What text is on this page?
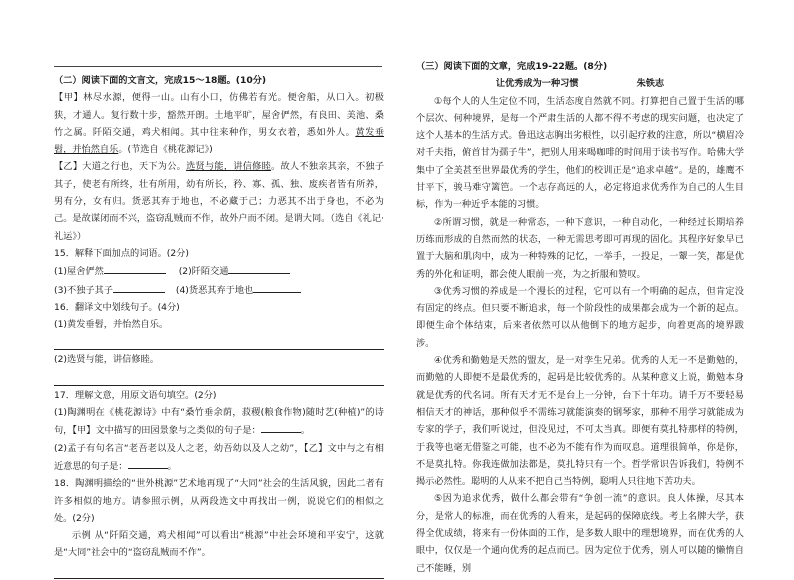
（二）阅读下面的文言文，完成15～18题。(10分)

【甲】林尽水源，便得一山。山有小口，仿佛若有光。便舍船，从口入。初极狭，才通人。复行数十步，豁然开朗。土地平旷，屋舍俨然，有良田、美池、桑竹之属。阡陌交通，鸡犬相闻。其中往来种作，男女衣着，悉如外人。黄发垂髫，并怡然自乐。(节选自《桃花源记》)

【乙】大道之行也，天下为公。选贤与能，讲信修睦。故人不独亲其亲，不独子其子，使老有所终，壮有所用，幼有所长，矜、寡、孤、独、废疾者皆有所养，男有分，女有归。货恶其弃于地也，不必藏于己；力恶其不出于身也，不必为己。是故谋闭而不兴，盗窃乱贼而不作，故外户而不闭。是谓大同。（选自《礼记·礼运》）

15．解释下面加点的词语。(2分)

(1)屋舍俨然	(2)阡陌交通

(3)不独子其子	(4)货恶其弃于地也

16．翻译文中划线句子。(4分)

(1)黄发垂髫，并怡然自乐。

(2)选贤与能，讲信修睦。

17．理解文意，用原文语句填空。(2分)

(1)陶渊明在《桃花源诗》中有“桑竹垂余荫，菽稷(粮食作物)随时艺(种植)”的诗句，【甲】文中描写的田园景象与之类似的句子是：	。

(2)孟子有句名言“老吾老以及人之老，幼吾幼以及人之幼”，【乙】文中与之有相近意思的句子是：	。

18．陶渊明描绘的“世外桃源”艺术地再现了“大同”社会的生活风貌，因此二者有许多相似的地方。请参照示例，从两段选文中再找出一例，说说它们的相似之处。(2分)

示例 从“阡陌交通，鸡犬相闻”可以看出“桃源”中社会环境和平安宁，这就是“大同”社会中的“盗窃乱贼而不作”。

（三）阅读下面的文章，完成19-22题。(8分)

让优秀成为一种习惯	朱铁志

①每个人的人生定位不同，生活态度自然就不同。打算把自己置于生活的哪个层次、何种境界，是每一个严肃生活的人都不得不考虑的现实问题，也决定了这个人基本的生活方式。鲁迅这志胸出劣根性，以引起疗救的注意，所以“横眉冷对千夫指，俯首甘为孺子牛”，把别人用来喝咖啡的时间用于读书写作。哈佛大学集中了全美甚至世界最优秀的学生，他们的校训正是“追求卓越”。是的，雄鹰不甘平下，骏马难守篱笆。一个志存高远的人，必定将追求优秀作为自己的人生目标，作为一种近乎本能的习惯。

②所谓习惯，就是一种常态，一种下意识，一种自动化，一种经过长期培养历练而形成的自然而然的状态，一种无需思考即可再现的固化。其程序好象早已置于大脑和肌肉中，成为一种特殊的记忆，一举手，一投足，一颦一笑，都是优秀的外化和证明，都会使人眼前一亮，为之折服和赞叹。

③优秀习惯的养成是一个漫长的过程，它可以有一个明确的起点，但肯定没有固定的终点。但只要不断追求，每一个阶段性的成果都会成为一个新的起点。即便生命个体结束，后来者依然可以从他倒下的地方起步，向着更高的境界跋涉。

④优秀和勤勉是天然的盟友，是一对孪生兄弟。优秀的人无一不是勤勉的，而勤勉的人即便不是最优秀的，起码是比较优秀的。从某种意义上说，勤勉本身就是优秀的代名词。所有天才无不是台上一分钟，台下十年功。请千万不要轻易相信天才的神话，那种似乎不需练习就能演奏的钢琴家，那种不用学习就能成为专家的学子，我们听说过，但没见过，不可太当真。即便有莫扎特那样的特例，于我等也毫无借鉴之可能，也不必为不能有作为而叹息。道理很简单，你是你，不是莫扎特。你我连做加法都是，莫扎特只有一个。哲学常识告诉我们，特例不揭示必然性。聪明的人从来不把自己当特例，聪明人只往地下苦功夫。

⑤因为追求优秀，做什么都会带有“争创一流”的意识。良人体操，尽其本分，是常人的标准，而在优秀的人看来，是起码的保障底线。考上名牌大学，获得全优成绩，将来有一份体面的工作，是多数人眼中的理想境界，而在优秀的人眼中，仅仅是一个通向优秀的起点而已。因为定位于优秀，别人可以随的懒惰自己不能睡，别
